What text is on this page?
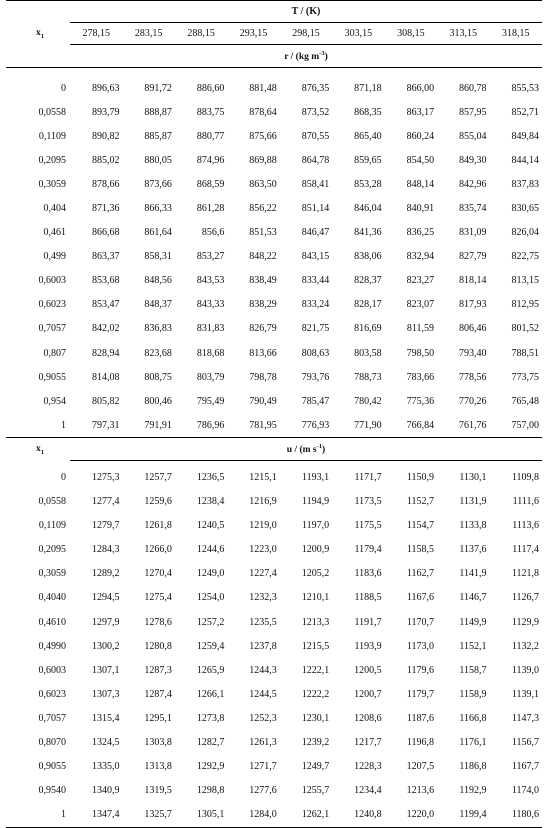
	T / (K)								
$x_1$	278,15	283,15	288,15	293,15	298,15	303,15	308,15	313,15	318,15
	r / (kg $m^{-3}$)								

0	896,63	891,72	886,60	881,48	876,35	871,18	866,00	860,78	855,53
0,0558	893,79	888,87	883,75	878,64	873,52	868,35	863,17	857,95	852,71
0,1109	890,82	885,87	880,77	875,66	870,55	865,40	860,24	855,04	849,84
0,2095	885,02	880,05	874,96	869,88	864,78	859,65	854,50	849,30	844,14
0,3059	878,66	873,66	868,59	863,50	858,41	853,28	848,14	842,96	837,83
0,404	871,36	866,33	861,28	856,22	851,14	846,04	840,91	835,74	830,65
0,461	866,68	861,64	856,6	851,53	846,47	841,36	836,25	831,09	826,04
0,499	863,37	858,31	853,27	848,22	843,15	838,06	832,94	827,79	822,75
0,6003	853,68	848,56	843,53	838,49	833,44	828,37	823,27	818,14	813,15
0,6023	853,47	848,37	843,33	838,29	833,24	828,17	823,07	817,93	812,95
0,7057	842,02	836,83	831,83	826,79	821,75	816,69	811,59	806,46	801,52
0,807	828,94	823,68	818,68	813,66	808,63	803,58	798,50	793,40	788,51
0,9055	814,08	808,75	803,79	798,78	793,76	788,73	783,66	778,56	773,75
0,954	805,82	800,46	795,49	790,49	785,47	780,42	775,36	770,26	765,48
1	797,31	791,91	786,96	781,95	776,93	771,90	766,84	761,76	757,00
$x_1$	u / (m $s^{-1}$)								

0	1275,3	1257,7	1236,5	1215,1	1193,1	1171,7	1150,9	1130,1	1109,8
0,0558	1277,4	1259,6	1238,4	1216,9	1194,9	1173,5	1152,7	1131,9	1111,6
0,1109	1279,7	1261,8	1240,5	1219,0	1197,0	1175,5	1154,7	1133,8	1113,6
0,2095	1284,3	1266,0	1244,6	1223,0	1200,9	1179,4	1158,5	1137,6	1117,4
0,3059	1289,2	1270,4	1249,0	1227,4	1205,2	1183,6	1162,7	1141,9	1121,8
0,4040	1294,5	1275,4	1254,0	1232,3	1210,1	1188,5	1167,6	1146,7	1126,7
0,4610	1297,9	1278,6	1257,2	1235,5	1213,3	1191,7	1170,7	1149,9	1129,9
0,4990	1300,2	1280,8	1259,4	1237,8	1215,5	1193,9	1173,0	1152,1	1132,2
0,6003	1307,1	1287,3	1265,9	1244,3	1222,1	1200,5	1179,6	1158,7	1139,0
0,6023	1307,3	1287,4	1266,1	1244,5	1222,2	1200,7	1179,7	1158,9	1139,1
0,7057	1315,4	1295,1	1273,8	1252,3	1230,1	1208,6	1187,6	1166,8	1147,3
0,8070	1324,5	1303,8	1282,7	1261,3	1239,2	1217,7	1196,8	1176,1	1156,7
0,9055	1335,0	1313,8	1292,9	1271,7	1249,7	1228,3	1207,5	1186,8	1167,7
0,9540	1340,9	1319,5	1298,8	1277,6	1255,7	1234,4	1213,6	1192,9	1174,0
1	1347,4	1325,7	1305,1	1284,0	1262,1	1240,8	1220,0	1199,4	1180,6
